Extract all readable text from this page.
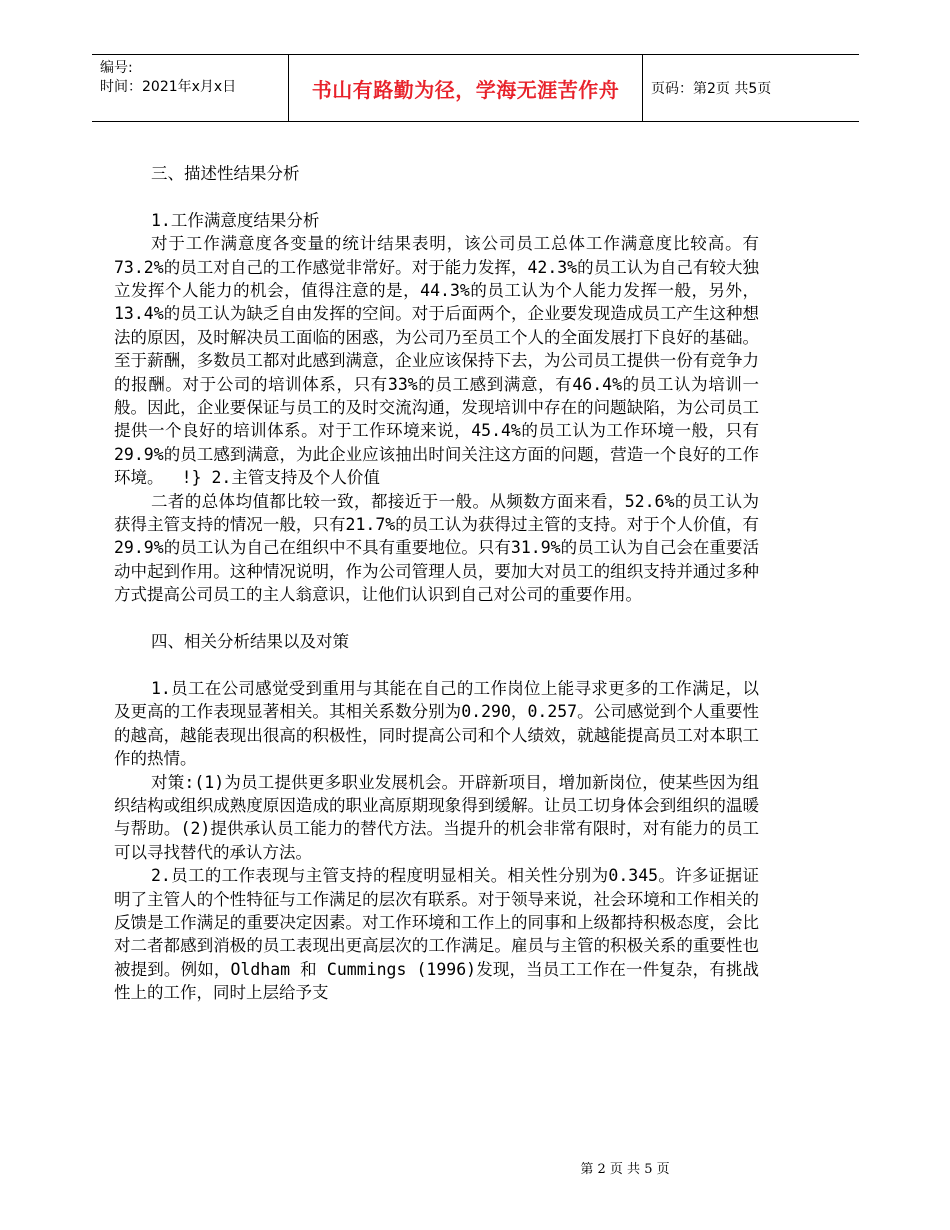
编号:
时间：2021年x月x日	书山有路勤为径，学海无涯苦作舟	页码：第2页 共5页

三、描述性结果分析

1.工作满意度结果分析

对于工作满意度各变量的统计结果表明，该公司员工总体工作满意度比较高。有73.2%的员工对自己的工作感觉非常好。对于能力发挥，42.3%的员工认为自己有较大独立发挥个人能力的机会，值得注意的是，44.3%的员工认为个人能力发挥一般，另外，13.4%的员工认为缺乏自由发挥的空间。对于后面两个，企业要发现造成员工产生这种想法的原因，及时解决员工面临的困惑，为公司乃至员工个人的全面发展打下良好的基础。至于薪酬，多数员工都对此感到满意，企业应该保持下去，为公司员工提供一份有竞争力的报酬。对于公司的培训体系，只有33%的员工感到满意，有46.4%的员工认为培训一般。因此，企业要保证与员工的及时交流沟通，发现培训中存在的问题缺陷，为公司员工提供一个良好的培训体系。对于工作环境来说，45.4%的员工认为工作环境一般，只有29.9%的员工感到满意，为此企业应该抽出时间关注这方面的问题，营造一个良好的工作环境。　 !} 2.主管支持及个人价值

二者的总体均值都比较一致，都接近于一般。从频数方面来看，52.6%的员工认为获得主管支持的情况一般，只有21.7%的员工认为获得过主管的支持。对于个人价值，有29.9%的员工认为自己在组织中不具有重要地位。只有31.9%的员工认为自己会在重要活动中起到作用。这种情况说明，作为公司管理人员，要加大对员工的组织支持并通过多种方式提高公司员工的主人翁意识，让他们认识到自己对公司的重要作用。

四、相关分析结果以及对策

1.员工在公司感觉受到重用与其能在自己的工作岗位上能寻求更多的工作满足，以及更高的工作表现显著相关。其相关系数分别为0.290，0.257。公司感觉到个人重要性的越高，越能表现出很高的积极性，同时提高公司和个人绩效，就越能提高员工对本职工作的热情。

对策:(1)为员工提供更多职业发展机会。开辟新项目，增加新岗位，使某些因为组织结构或组织成熟度原因造成的职业高原期现象得到缓解。让员工切身体会到组织的温暖与帮助。(2)提供承认员工能力的替代方法。当提升的机会非常有限时，对有能力的员工可以寻找替代的承认方法。

2.员工的工作表现与主管支持的程度明显相关。相关性分别为0.345。许多证据证明了主管人的个性特征与工作满足的层次有联系。对于领导来说，社会环境和工作相关的反馈是工作满足的重要决定因素。对工作环境和工作上的同事和上级都持积极态度，会比对二者都感到消极的员工表现出更高层次的工作满足。雇员与主管的积极关系的重要性也被提到。例如，Oldham 和 Cummings (1996)发现，当员工工作在一件复杂，有挑战性上的工作，同时上层给予支

第 2 页 共 5 页
